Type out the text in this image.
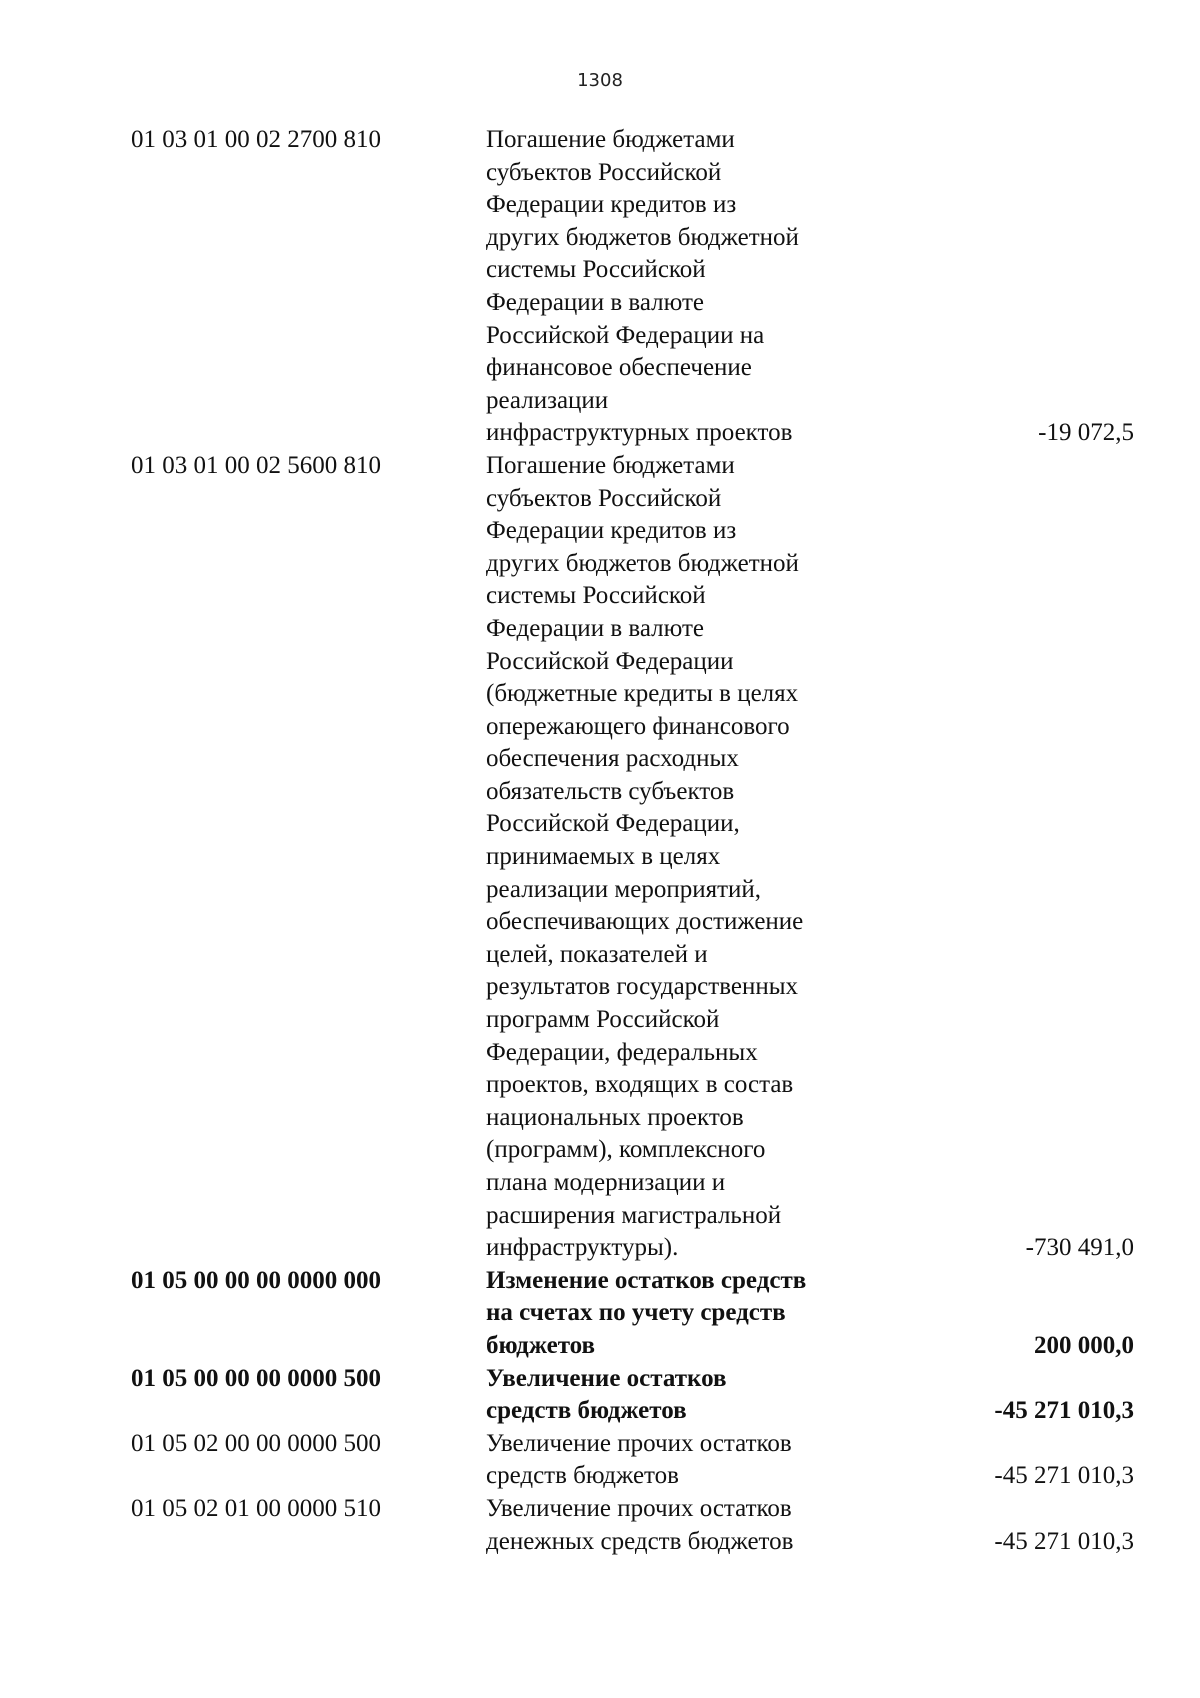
1308
01 03 01 00 02 2700 810	Погашение бюджетами
субъектов Российской
Федерации кредитов из
других бюджетов бюджетной
системы Российской
Федерации в валюте
Российской Федерации на
финансовое обеспечение
реализации
инфраструктурных проектов	-19 072,5
01 03 01 00 02 5600 810	Погашение бюджетами
субъектов Российской
Федерации кредитов из
других бюджетов бюджетной
системы Российской
Федерации в валюте
Российской Федерации
(бюджетные кредиты в целях
опережающего финансового
обеспечения расходных
обязательств субъектов
Российской Федерации,
принимаемых в целях
реализации мероприятий,
обеспечивающих достижение
целей, показателей и
результатов государственных
программ Российской
Федерации, федеральных
проектов, входящих в состав
национальных проектов
(программ), комплексного
плана модернизации и
расширения магистральной
инфраструктуры).	-730 491,0
01 05 00 00 00 0000 000	Изменение остатков средств
на счетах по учету средств
бюджетов	200 000,0
01 05 00 00 00 0000 500	Увеличение остатков
средств бюджетов	-45 271 010,3
01 05 02 00 00 0000 500	Увеличение прочих остатков
средств бюджетов	-45 271 010,3
01 05 02 01 00 0000 510	Увеличение прочих остатков
денежных средств бюджетов	-45 271 010,3
